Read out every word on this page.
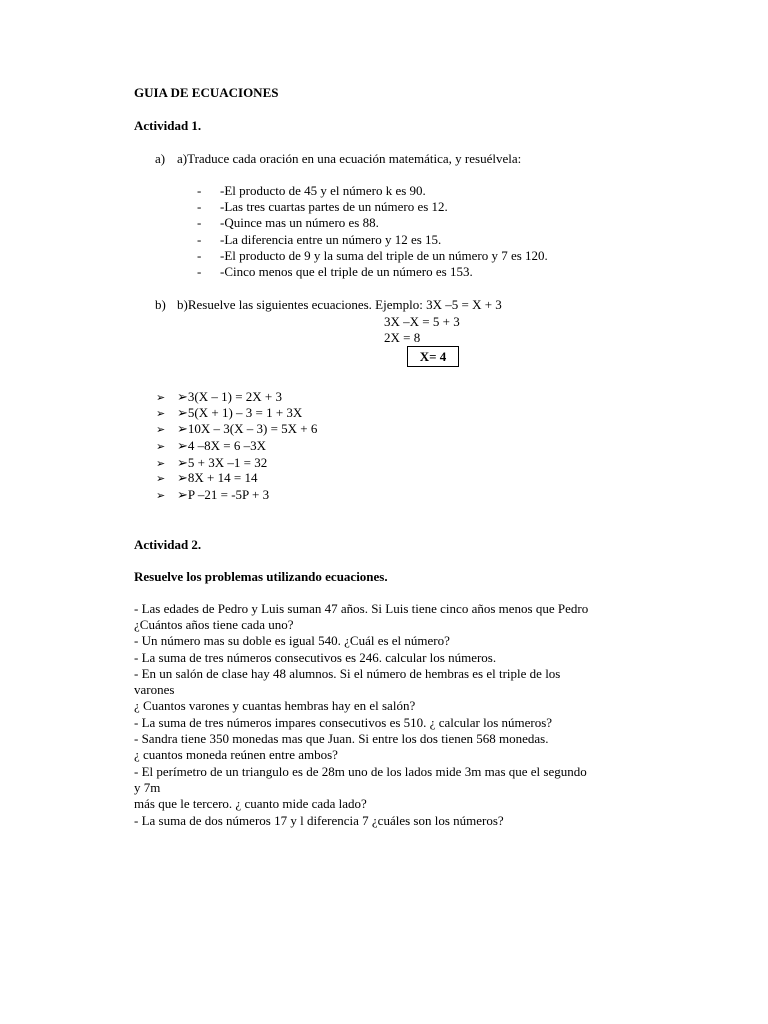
GUIA DE ECUACIONES
Actividad 1.
a) a)Traduce cada oración en una ecuación matemática, y resuélvela:
- -El producto de 45 y el número k es 90.
- -Las tres cuartas partes de un número es 12.
- -Quince mas un número es 88.
- -La diferencia entre un número y 12 es 15.
- -El producto de 9 y la suma del triple de un número y 7 es 120.
- -Cinco menos que el triple de un número es 153.
b) b)Resuelve las siguientes ecuaciones. Ejemplo: 3X –5 = X + 3
3X –X = 5 + 3
2X = 8
X= 4
➢ ➢3(X – 1) = 2X + 3
➢ ➢5(X + 1) – 3 = 1 + 3X
➢ ➢10X – 3(X – 3) = 5X + 6
➢ ➢4 –8X = 6 –3X
➢ ➢5 + 3X –1 = 32
➢ ➢8X + 14 = 14
➢ ➢P –21 = -5P + 3
Actividad 2.
Resuelve los problemas utilizando ecuaciones.
- Las edades de Pedro y Luis suman 47 años. Si Luis tiene cinco años menos que Pedro
¿Cuántos años tiene cada uno?
- Un número mas su doble es igual 540. ¿Cuál es el número?
- La suma de tres números consecutivos es 246. calcular los números.
- En un salón de clase hay 48 alumnos. Si el número de hembras es el triple de los
varones
¿ Cuantos varones y cuantas hembras hay en el salón?
- La suma de tres números impares consecutivos es 510. ¿ calcular los números?
- Sandra tiene 350 monedas mas que Juan. Si entre los dos tienen 568 monedas.
¿ cuantos moneda reúnen entre ambos?
- El perímetro de un triangulo es de 28m uno de los lados mide 3m mas que el segundo
y 7m
más que le tercero. ¿ cuanto mide cada lado?
- La suma de dos números 17 y l diferencia 7 ¿cuáles son los números?
